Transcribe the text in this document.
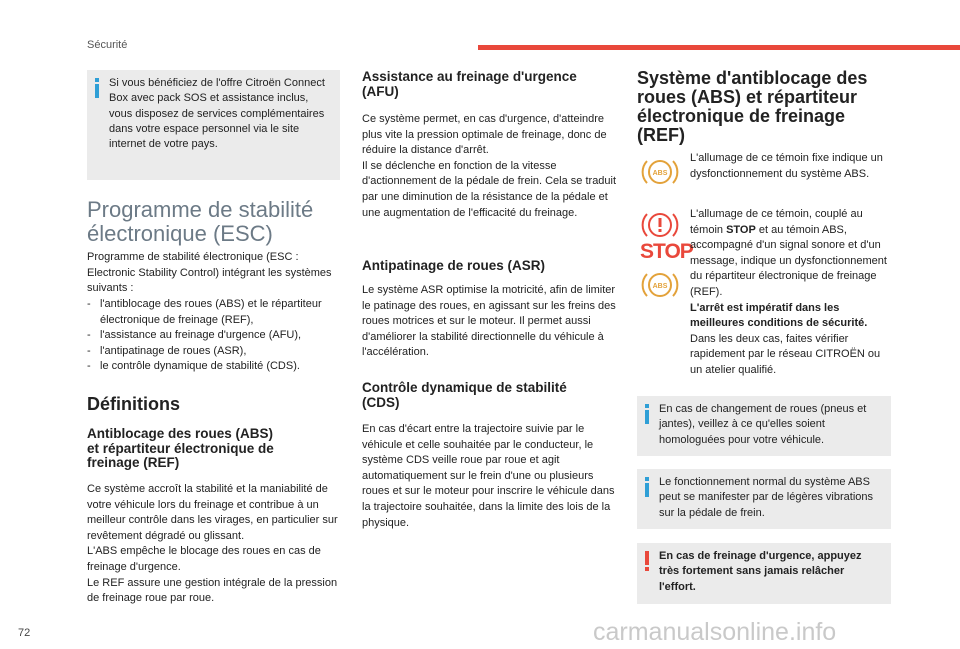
Sécurité
Si vous bénéficiez de l'offre Citroën Connect Box avec pack SOS et assistance inclus, vous disposez de services complémentaires dans votre espace personnel via le site internet de votre pays.
Programme de stabilité
électronique (ESC)
Programme de stabilité électronique (ESC : Electronic Stability Control) intégrant les systèmes suivants :
- l'antiblocage des roues (ABS) et le répartiteur électronique de freinage (REF),
- l'assistance au freinage d'urgence (AFU),
- l'antipatinage de roues (ASR),
- le contrôle dynamique de stabilité (CDS).
Définitions
Antiblocage des roues (ABS)
et répartiteur électronique de
freinage (REF)
Ce système accroît la stabilité et la maniabilité de votre véhicule lors du freinage et contribue à un meilleur contrôle dans les virages, en particulier sur revêtement dégradé ou glissant.
L'ABS empêche le blocage des roues en cas de freinage d'urgence.
Le REF assure une gestion intégrale de la pression de freinage roue par roue.
Assistance au freinage d'urgence
(AFU)
Ce système permet, en cas d'urgence, d'atteindre plus vite la pression optimale de freinage, donc de réduire la distance d'arrêt.
Il se déclenche en fonction de la vitesse d'actionnement de la pédale de frein. Cela se traduit par une diminution de la résistance de la pédale et une augmentation de l'efficacité du freinage.
Antipatinage de roues (ASR)
Le système ASR optimise la motricité, afin de limiter le patinage des roues, en agissant sur les freins des roues motrices et sur le moteur. Il permet aussi d'améliorer la stabilité directionnelle du véhicule à l'accélération.
Contrôle dynamique de stabilité
(CDS)
En cas d'écart entre la trajectoire suivie par le véhicule et celle souhaitée par le conducteur, le système CDS veille roue par roue et agit automatiquement sur le frein d'une ou plusieurs roues et sur le moteur pour inscrire le véhicule dans la trajectoire souhaitée, dans la limite des lois de la physique.
Système d'antiblocage des
roues (ABS) et répartiteur
électronique de freinage
(REF)
ABS
L'allumage de ce témoin fixe indique un dysfonctionnement du système ABS.
STOP
ABS
L'allumage de ce témoin, couplé au témoin STOP et au témoin ABS, accompagné d'un signal sonore et d'un message, indique un dysfonctionnement du répartiteur électronique de freinage (REF).
L'arrêt est impératif dans les meilleures conditions de sécurité.
Dans les deux cas, faites vérifier rapidement par le réseau CITROËN ou un atelier qualifié.
En cas de changement de roues (pneus et jantes), veillez à ce qu'elles soient homologuées pour votre véhicule.
Le fonctionnement normal du système ABS peut se manifester par de légères vibrations sur la pédale de frein.
En cas de freinage d'urgence, appuyez très fortement sans jamais relâcher l'effort.
72	carmanualsonline.info
